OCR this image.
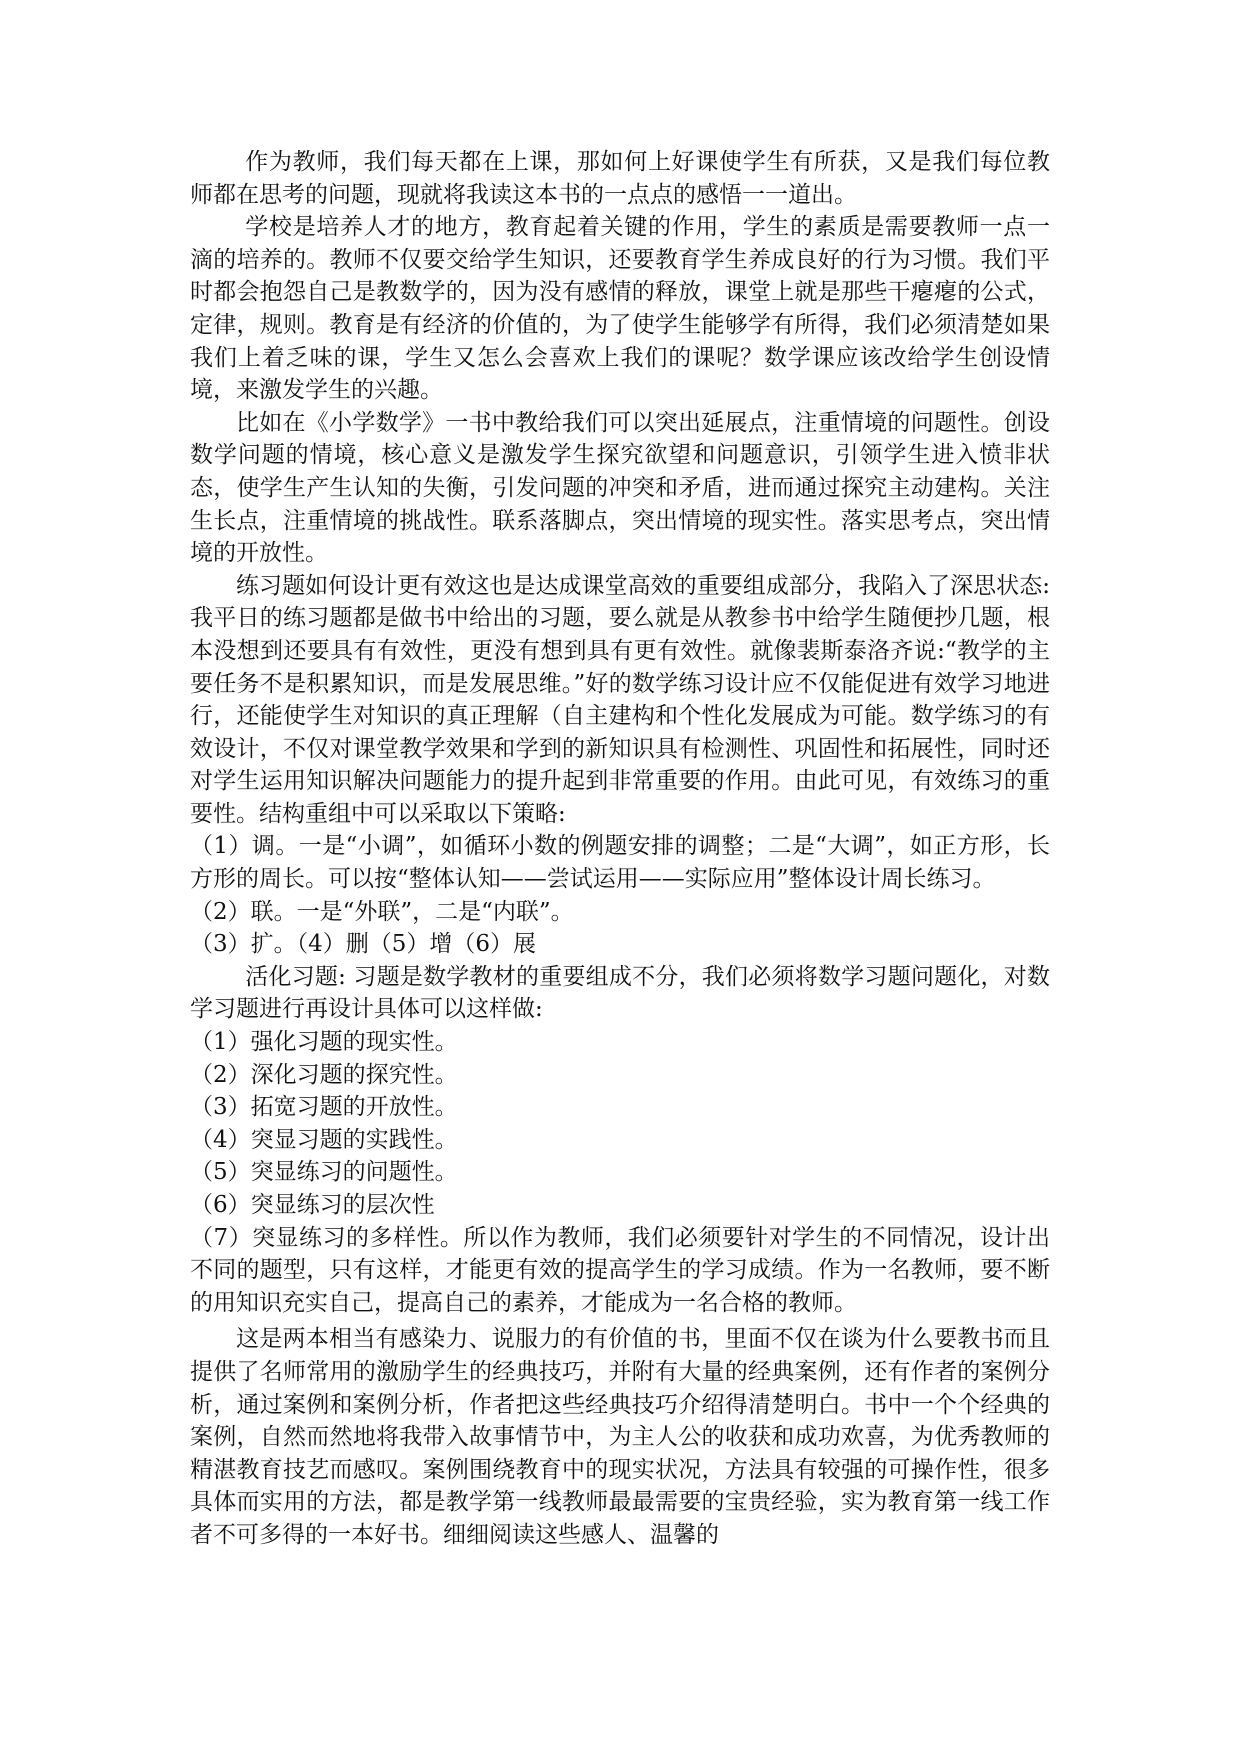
作为教师，我们每天都在上课，那如何上好课使学生有所获，又是我们每位教师都在思考的问题，现就将我读这本书的一点点的感悟一一道出。

学校是培养人才的地方，教育起着关键的作用，学生的素质是需要教师一点一滴的培养的。教师不仅要交给学生知识，还要教育学生养成良好的行为习惯。我们平时都会抱怨自己是教数学的，因为没有感情的释放，课堂上就是那些干瘪瘪的公式，定律，规则。教育是有经济的价值的，为了使学生能够学有所得，我们必须清楚如果我们上着乏味的课，学生又怎么会喜欢上我们的课呢？数学课应该改给学生创设情境，来激发学生的兴趣。

比如在《小学数学》一书中教给我们可以突出延展点，注重情境的问题性。创设数学问题的情境，核心意义是激发学生探究欲望和问题意识，引领学生进入愤非状态，使学生产生认知的失衡，引发问题的冲突和矛盾，进而通过探究主动建构。关注生长点，注重情境的挑战性。联系落脚点，突出情境的现实性。落实思考点，突出情境的开放性。

练习题如何设计更有效这也是达成课堂高效的重要组成部分，我陷入了深思状态: 我平日的练习题都是做书中给出的习题，要么就是从教参书中给学生随便抄几题，根本没想到还要具有有效性，更没有想到具有更有效性。就像裴斯泰洛齐说:“教学的主要任务不是积累知识，而是发展思维。”好的数学练习设计应不仅能促进有效学习地进行，还能使学生对知识的真正理解（自主建构和个性化发展成为可能。数学练习的有效设计，不仅对课堂教学效果和学到的新知识具有检测性、巩固性和拓展性，同时还对学生运用知识解决问题能力的提升起到非常重要的作用。由此可见，有效练习的重要性。结构重组中可以采取以下策略:

（1）调。一是“小调”，如循环小数的例题安排的调整；二是“大调”，如正方形，长方形的周长。可以按“整体认知——尝试运用——实际应用”整体设计周长练习。

（2）联。一是“外联”，二是“内联”。

（3）扩。（4）删（5）增（6）展

活化习题: 习题是数学教材的重要组成不分，我们必须将数学习题问题化，对数学习题进行再设计具体可以这样做:

（1）强化习题的现实性。

（2）深化习题的探究性。

（3）拓宽习题的开放性。

（4）突显习题的实践性。

（5）突显练习的问题性。

（6）突显练习的层次性

（7）突显练习的多样性。所以作为教师，我们必须要针对学生的不同情况，设计出不同的题型，只有这样，才能更有效的提高学生的学习成绩。作为一名教师，要不断的用知识充实自己，提高自己的素养，才能成为一名合格的教师。

这是两本相当有感染力、说服力的有价值的书，里面不仅在谈为什么要教书而且提供了名师常用的激励学生的经典技巧，并附有大量的经典案例，还有作者的案例分析，通过案例和案例分析，作者把这些经典技巧介绍得清楚明白。书中一个个经典的案例，自然而然地将我带入故事情节中，为主人公的收获和成功欢喜，为优秀教师的精湛教育技艺而感叹。案例围绕教育中的现实状况，方法具有较强的可操作性，很多具体而实用的方法，都是教学第一线教师最最需要的宝贵经验，实为教育第一线工作者不可多得的一本好书。细细阅读这些感人、温馨的
